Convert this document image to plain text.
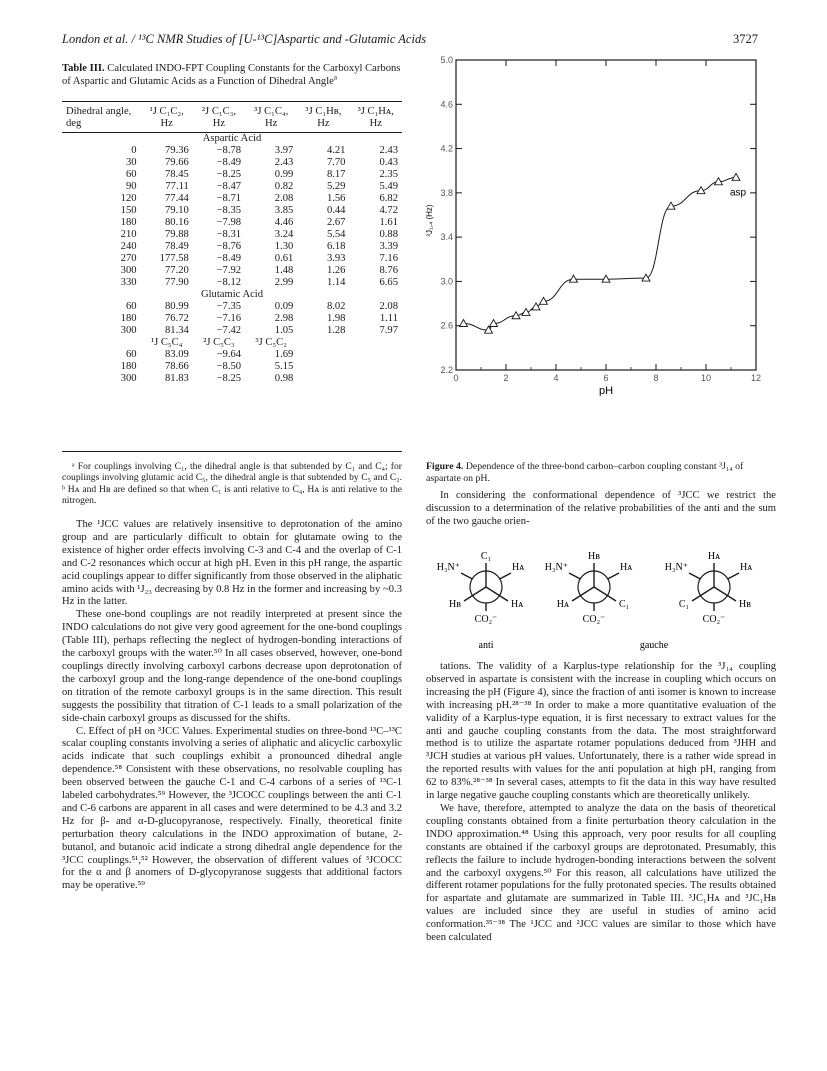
London et al. / ¹³C NMR Studies of [U-¹³C]Aspartic and -Glutamic Acids	3727
Table III. Calculated INDO-FPT Coupling Constants for the Carboxyl Carbons of Aspartic and Glutamic Acids as a Function of Dihedral Angle$^a$
Dihedral angle, deg	¹J C₁C₂, Hz	²J C₁C₃, Hz	³J C₁C₄, Hz	³J C₁Hʙ, Hz	³J C₁Hᴀ, Hz
Aspartic Acid					
0	79.36	−8.78	3.97	4.21	2.43
30	79.66	−8.49	2.43	7.70	0.43
60	78.45	−8.25	0.99	8.17	2.35
90	77.11	−8.47	0.82	5.29	5.49
120	77.44	−8.71	2.08	1.56	6.82
150	79.10	−8.35	3.85	0.44	4.72
180	80.16	−7.98	4.46	2.67	1.61
210	79.88	−8.31	3.24	5.54	0.88
240	78.49	−8.76	1.30	6.18	3.39
270	177.58	−8.49	0.61	3.93	7.16
300	77.20	−7.92	1.48	1.26	8.76
330	77.90	−8.12	2.99	1.14	6.65
Glutamic Acid					
60	80.99	−7.35	0.09	8.02	2.08
180	76.72	−7.16	2.98	1.98	1.11
300	81.34	−7.42	1.05	1.28	7.97
	¹J C₅C₄	²J C₅C₃	³J C₅C₂		
60	83.09	−9.64	1.69		
180	78.66	−8.50	5.15		
300	81.83	−8.25	0.98		

ᵃ For couplings involving C₁, the dihedral angle is that subtended by C₁ and C₄; for couplings involving glutamic acid C₅, the dihedral angle is that subtended by C₅ and C₂. ᵇ Hᴀ and Hʙ are defined so that when C₁ is anti relative to C₄, Hᴀ is anti relative to the nitrogen.

The ¹JCC values are relatively insensitive to deprotonation of the amino group and are particularly difficult to obtain for glutamate owing to the existence of higher order effects involving C-3 and C-4 and the overlap of C-1 and C-2 resonances which occur at high pH. Even in this pH range, the aspartic acid couplings appear to differ significantly from those observed in the aliphatic amino acids with ¹J₂₃ decreasing by 0.8 Hz in the former and increasing by ~0.3 Hz in the latter.

These one-bond couplings are not readily interpreted at present since the INDO calculations do not give very good agreement for the one-bond couplings (Table III), perhaps reflecting the neglect of hydrogen-bonding interactions of the carboxyl groups with the water.⁵⁰ In all cases observed, however, one-bond couplings directly involving carboxyl carbons decrease upon deprotonation of the carboxyl group and the long-range dependence of the one-bond couplings on titration of the remote carboxyl groups is in the same direction. This result suggests the possibility that titration of C-1 leads to a small polarization of the side-chain carboxyl groups as discussed for the shifts.

C. Effect of pH on ³JCC Values. Experimental studies on three-bond ¹³C–¹³C scalar coupling constants involving a series of aliphatic and alicyclic carboxylic acids indicate that such couplings exhibit a pronounced dihedral angle dependence.⁵⁸ Consistent with these observations, no resolvable coupling has been observed between the gauche C-1 and C-4 carbons of a series of ¹³C-1 labeled carbohydrates.⁵⁹ However, the ³JCOCC couplings between the anti C-1 and C-6 carbons are apparent in all cases and were determined to be 4.3 and 3.2 Hz for β- and α-D-glucopyranose, respectively. Finally, theoretical finite perturbation theory calculations in the INDO approximation of butane, 2-butanol, and butanoic acid indicate a strong dihedral angle dependence for the ³JCC couplings.⁵¹,⁵² However, the observation of different values of ³JCOCC for the α and β anomers of D-glycopyranose suggests that additional factors may be operative.⁵⁹

5.0
4.6
4.2
3.8
3.4
3.0
2.6
2.2
0	2	4	6	8	10	12
pH
³J₁,₄ (Hz)
asp
Figure 4. Dependence of the three-bond carbon–carbon coupling constant ³J₁₄ of aspartate on pH.

In considering the conformational dependence of ³JCC we restrict the discussion to a determination of the relative probabilities of the anti and the sum of the two gauche orien-

C₁
H₃N⁺	Hᴀ
Hʙ	Hᴀ
CO₂⁻
Hʙ
H₃N⁺	Hᴀ
Hᴀ	C₁
CO₂⁻
Hᴀ
H₃N⁺	Hᴀ
C₁	Hʙ
CO₂⁻
anti	gauche

tations. The validity of a Karplus-type relationship for the ³J₁₄ coupling observed in aspartate is consistent with the increase in coupling which occurs on increasing the pH (Figure 4), since the fraction of anti isomer is known to increase with increasing pH.²⁸⁻³⁸ In order to make a more quantitative evaluation of the validity of a Karplus-type equation, it is first necessary to extract values for the anti and gauche coupling constants from the data. The most straightforward method is to utilize the aspartate rotamer populations deduced from ³JHH and ³JCH studies at various pH values. Unfortunately, there is a rather wide spread in the reported results with values for the anti population at high pH, ranging from 62 to 83%.²⁸⁻³⁸ In several cases, attempts to fit the data in this way have resulted in large negative gauche coupling constants which are theoretically unlikely.

We have, therefore, attempted to analyze the data on the basis of theoretical coupling constants obtained from a finite perturbation theory calculation in the INDO approximation.⁴⁸ Using this approach, very poor results for all coupling constants are obtained if the carboxyl groups are deprotonated. Presumably, this reflects the failure to include hydrogen-bonding interactions between the solvent and the carboxyl oxygens.⁵⁰ For this reason, all calculations have utilized the different rotamer populations for the fully protonated species. The results obtained for aspartate and glutamate are summarized in Table III. ³JC₁Hᴀ and ³JC₁Hʙ values are included since they are useful in studies of amino acid conformation.³⁵⁻³⁸ The ¹JCC and ²JCC values are similar to those which have been calculated
